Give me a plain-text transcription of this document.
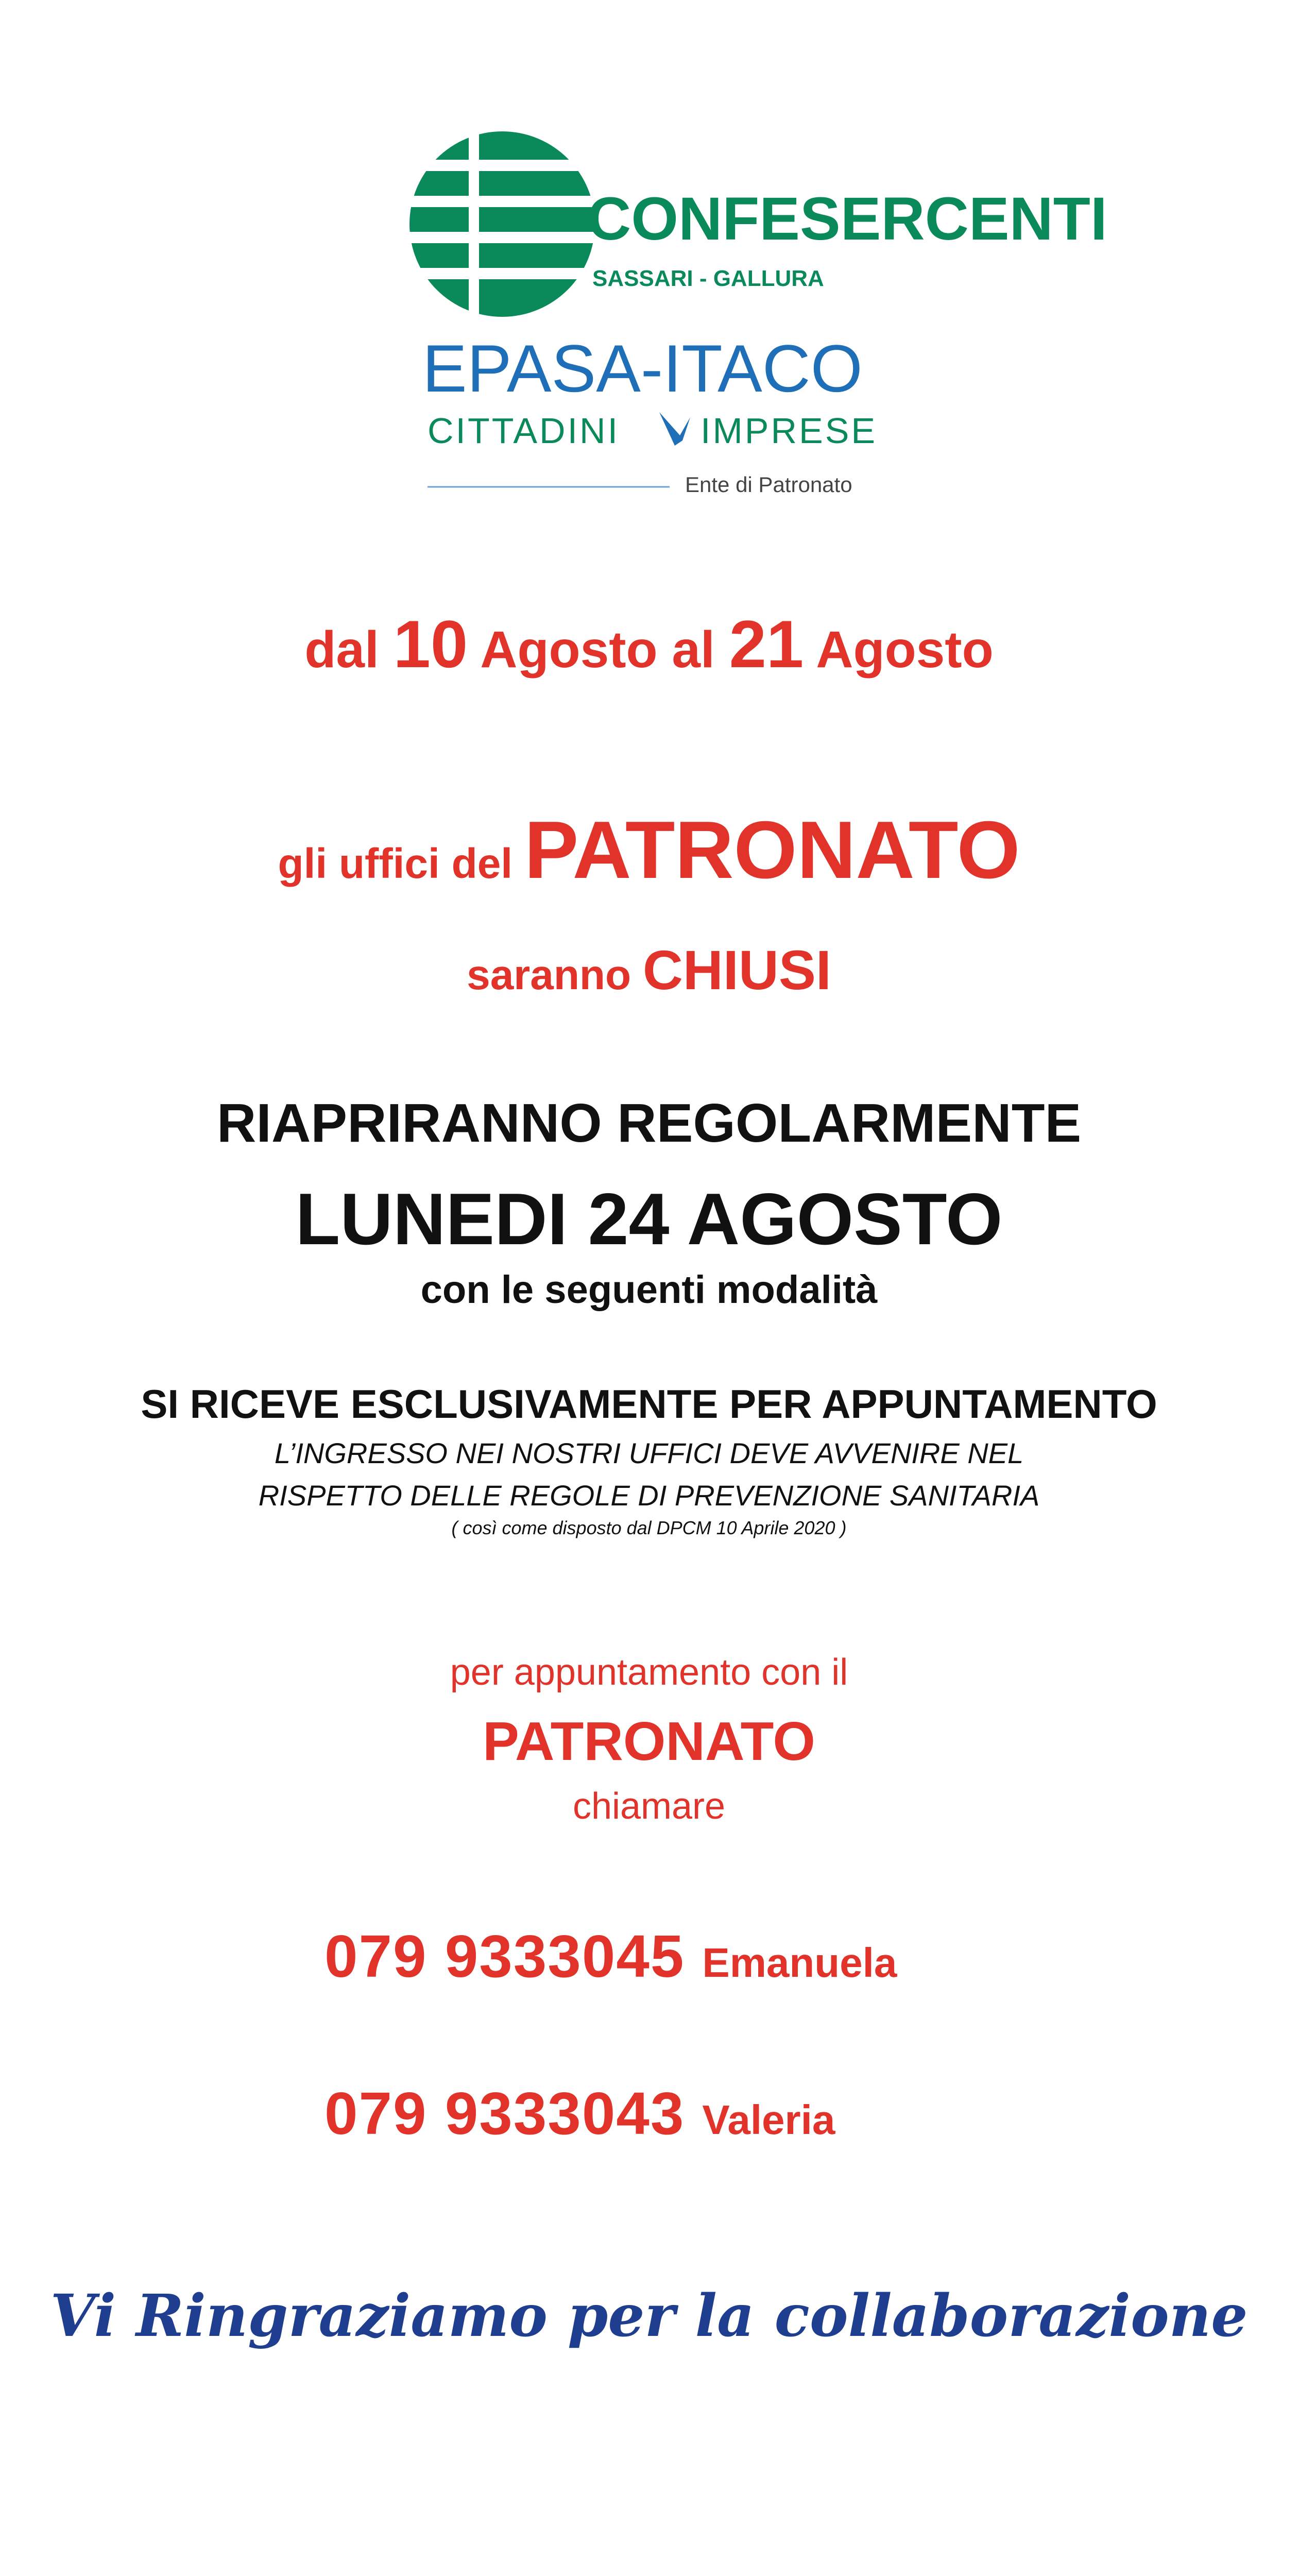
CONFESERCENTI
SASSARI - GALLURA
EPASA-ITACO
CITTADINI IMPRESE
Ente di Patronato
dal 10 Agosto al 21 Agosto
gli uffici del PATRONATO
saranno CHIUSI
RIAPRIRANNO REGOLARMENTE
LUNEDI 24 AGOSTO
con le seguenti modalità
SI RICEVE ESCLUSIVAMENTE PER APPUNTAMENTO
L’INGRESSO NEI NOSTRI UFFICI DEVE AVVENIRE NEL
RISPETTO DELLE REGOLE DI PREVENZIONE SANITARIA
( così come disposto dal DPCM 10 Aprile 2020 )
per appuntamento con il
PATRONATO
chiamare
079 9333045 Emanuela
079 9333043 Valeria
Vi Ringraziamo per la collaborazione
